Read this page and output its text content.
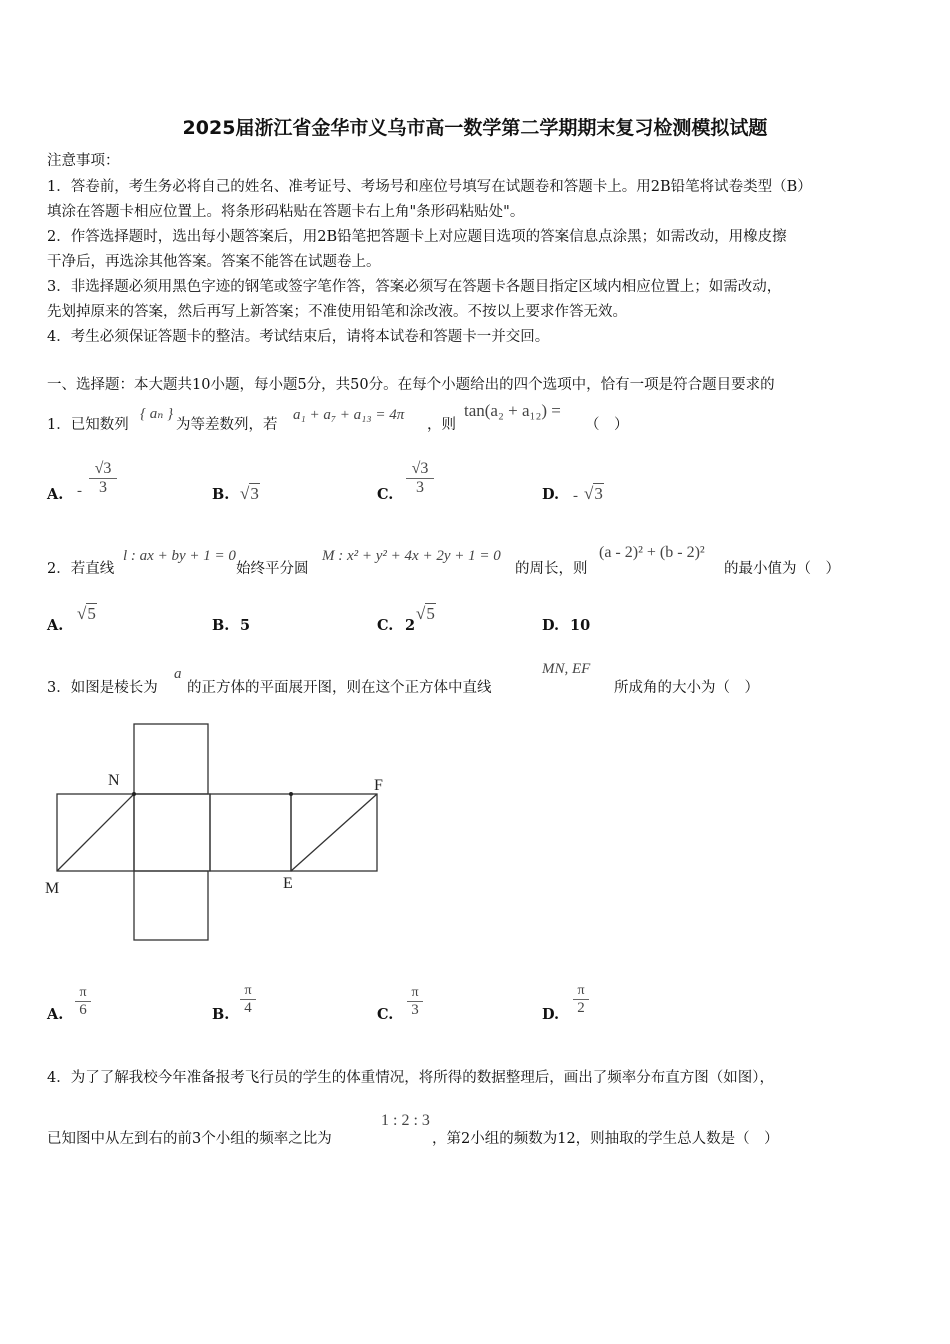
2025届浙江省金华市义乌市高一数学第二学期期末复习检测模拟试题
注意事项：
1．答卷前，考生务必将自己的姓名、准考证号、考场号和座位号填写在试题卷和答题卡上。用2B铅笔将试卷类型（B）
填涂在答题卡相应位置上。将条形码粘贴在答题卡右上角"条形码粘贴处"。
2．作答选择题时，选出每小题答案后，用2B铅笔把答题卡上对应题目选项的答案信息点涂黑；如需改动，用橡皮擦
干净后，再选涂其他答案。答案不能答在试题卷上。
3．非选择题必须用黑色字迹的钢笔或签字笔作答，答案必须写在答题卡各题目指定区域内相应位置上；如需改动，
先划掉原来的答案，然后再写上新答案；不准使用铅笔和涂改液。不按以上要求作答无效。
4．考生必须保证答题卡的整洁。考试结束后，请将本试卷和答题卡一并交回。
一、选择题：本大题共10小题，每小题5分，共50分。在每个小题给出的四个选项中，恰有一项是符合题目要求的
1．已知数列
{ aₙ }
为等差数列，若
a₁ + a₇ + a₁₃ = 4π
，则
tan(a₂ + a₁₂) =
（　）
A. - $\frac{√3}{3}$	B. √3	C. $\frac{√3}{3}$	D. - √3
2．若直线
l : ax + by + 1 = 0
始终平分圆
M : x² + y² + 4x + 2y + 1 = 0
的周长，则
(a - 2)² + (b - 2)²
的最小值为（　）
A.
√5
B. 5	C. 2
√5
D. 10
3．如图是棱长为
a
的正方体的平面展开图，则在这个正方体中直线
MN, EF
所成角的大小为（　）
N	F
M	E
A. $\frac{\pi}{6}$	B. $\frac{\pi}{4}$	C. $\frac{\pi}{3}$	D. $\frac{\pi}{2}$
4．为了了解我校今年准备报考飞行员的学生的体重情况，将所得的数据整理后，画出了频率分布直方图（如图），
已知图中从左到右的前3个小组的频率之比为
1 : 2 : 3
，第2小组的频数为12，则抽取的学生总人数是（　）
